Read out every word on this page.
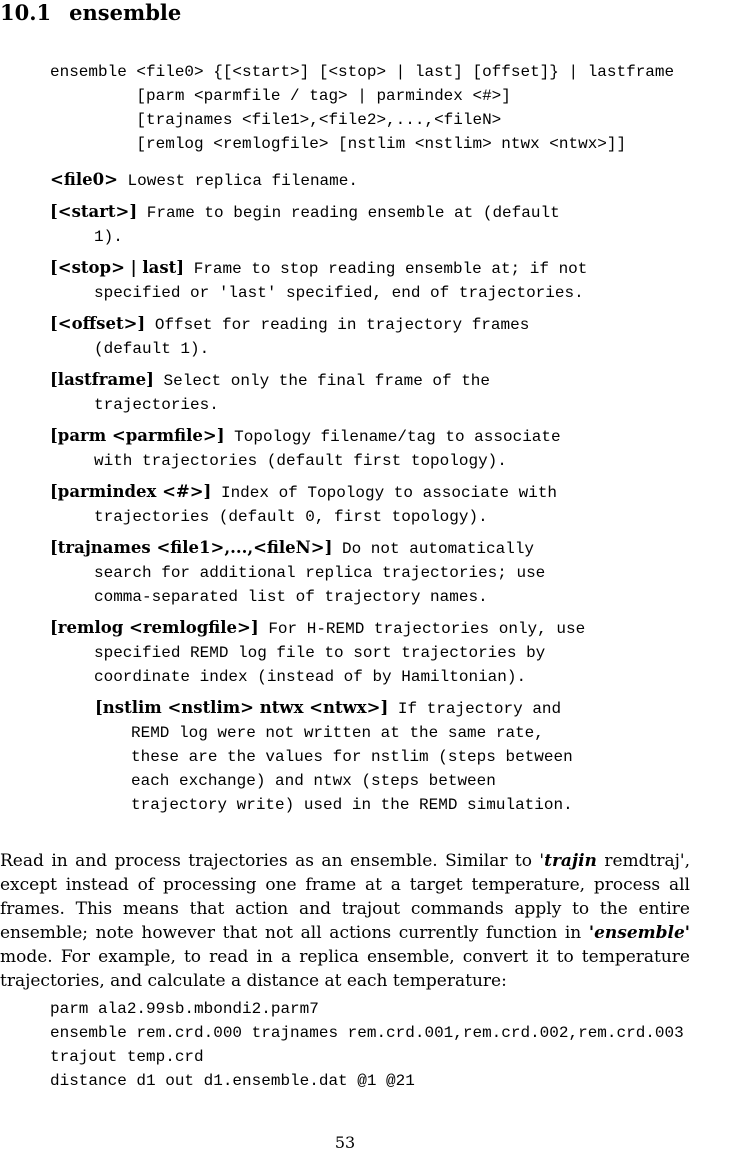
10.1 ensemble
ensemble <file0> {[<start>] [<stop> | last] [offset]} | lastframe
[parm <parmfile / tag> | parmindex <#>]
[trajnames <file1>,<file2>,...,<fileN>
[remlog <remlogfile> [nstlim <nstlim> ntwx <ntwx>]]
<file0> Lowest replica filename.
[<start>] Frame to begin reading ensemble at (default
1).
[<stop> | last] Frame to stop reading ensemble at; if not
specified or 'last' specified, end of trajectories.
[<offset>] Offset for reading in trajectory frames
(default 1).
[lastframe] Select only the final frame of the
trajectories.
[parm <parmfile>] Topology filename/tag to associate
with trajectories (default first topology).
[parmindex <#>] Index of Topology to associate with
trajectories (default 0, first topology).
[trajnames <file1>,...,<fileN>] Do not automatically
search for additional replica trajectories; use
comma-separated list of trajectory names.
[remlog <remlogfile>] For H-REMD trajectories only, use
specified REMD log file to sort trajectories by
coordinate index (instead of by Hamiltonian).
[nstlim <nstlim> ntwx <ntwx>] If trajectory and
REMD log were not written at the same rate,
these are the values for nstlim (steps between
each exchange) and ntwx (steps between
trajectory write) used in the REMD simulation.

Read in and process trajectories as an ensemble. Similar to 'trajin remdtraj', except instead of processing one frame at a target temperature, process all frames. This means that action and trajout commands apply to the entire ensemble; note however that not all actions currently function in 'ensemble' mode. For example, to read in a replica ensemble, convert it to temperature trajectories, and calculate a distance at each temperature:

parm ala2.99sb.mbondi2.parm7
ensemble rem.crd.000 trajnames rem.crd.001,rem.crd.002,rem.crd.003
trajout temp.crd
distance d1 out d1.ensemble.dat @1 @21
53
